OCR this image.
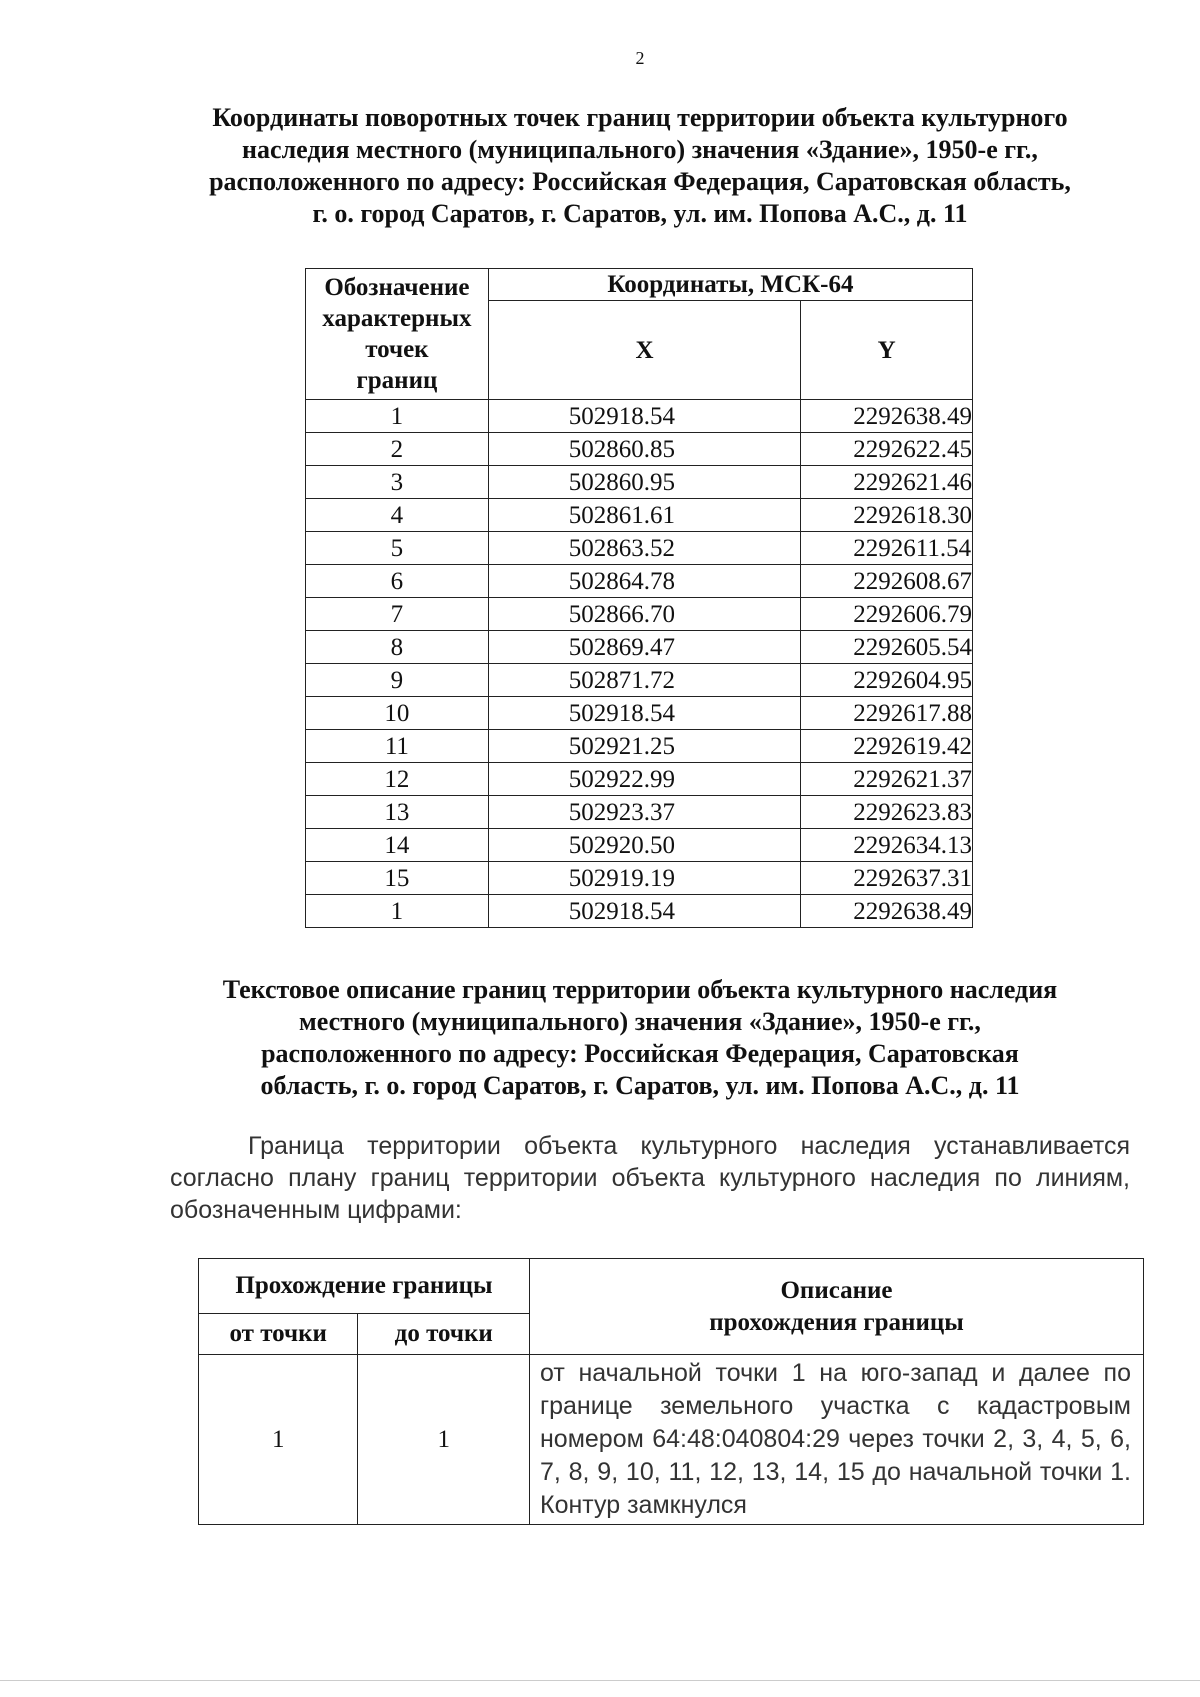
2
Координаты поворотных точек границ территории объекта культурного
наследия местного (муниципального) значения «Здание», 1950-е гг.,
расположенного по адресу: Российская Федерация, Саратовская область,
г. о. город Саратов, г. Саратов, ул. им. Попова А.С., д. 11
Обозначение
характерных
точек
границ	Координаты, МСК-64	
	X	Y
1	502918.54	2292638.49
2	502860.85	2292622.45
3	502860.95	2292621.46
4	502861.61	2292618.30
5	502863.52	2292611.54
6	502864.78	2292608.67
7	502866.70	2292606.79
8	502869.47	2292605.54
9	502871.72	2292604.95
10	502918.54	2292617.88
11	502921.25	2292619.42
12	502922.99	2292621.37
13	502923.37	2292623.83
14	502920.50	2292634.13
15	502919.19	2292637.31
1	502918.54	2292638.49
Текстовое описание границ территории объекта культурного наследия
местного (муниципального) значения «Здание», 1950-е гг.,
расположенного по адресу: Российская Федерация, Саратовская
область, г. о. город Саратов, г. Саратов, ул. им. Попова А.С., д. 11
Граница территории объекта культурного наследия устанавливается согласно плану границ территории объекта культурного наследия по линиям, обозначенным цифрами:
Прохождение границы		Описание
прохождения границы
от точки	до точки	
1	1	от начальной точки 1 на юго-запад и далее по границе земельного участка с кадастровым номером 64:48:040804:29 через точки 2, 3, 4, 5, 6, 7, 8, 9, 10, 11, 12, 13, 14, 15 до начальной точки 1. Контур замкнулся
